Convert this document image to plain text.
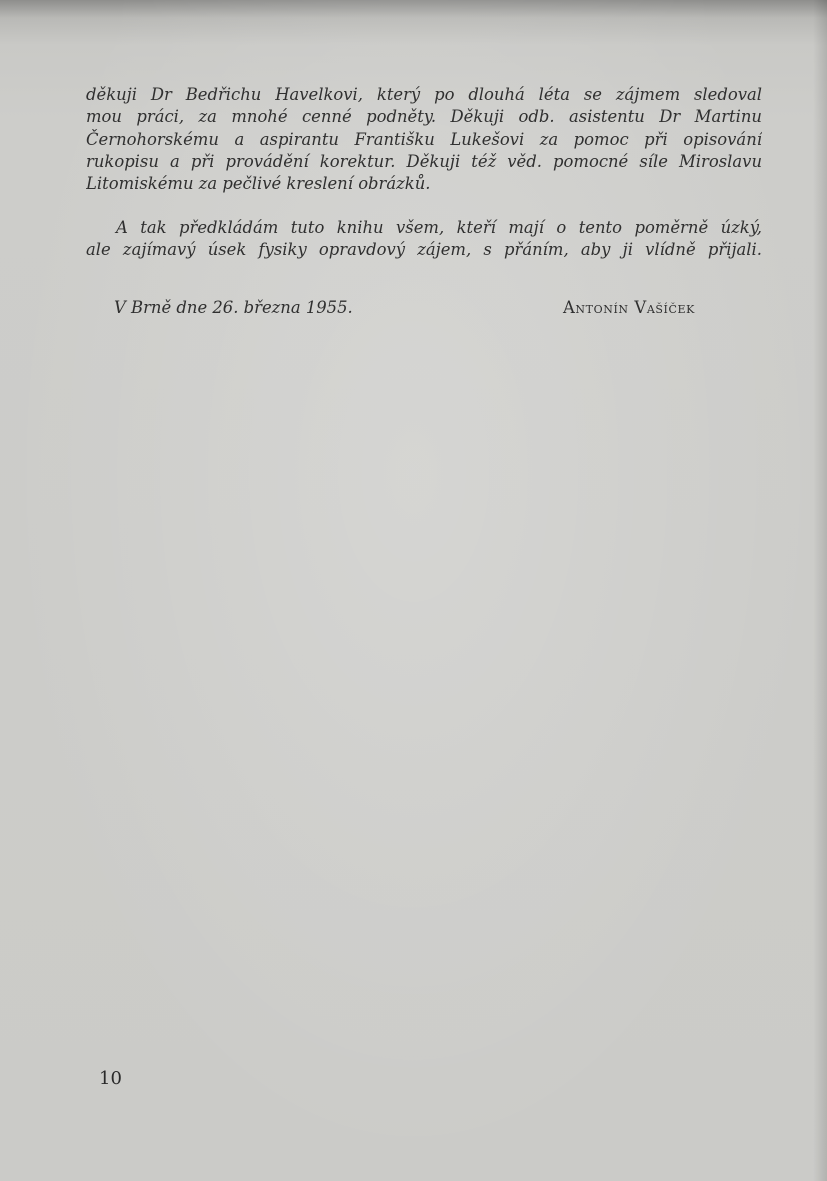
děkuji Dr Bedřichu Havelkovi, který po dlouhá léta se zájmem sledoval
mou práci, za mnohé cenné podněty. Děkuji odb. asistentu Dr Martinu
Černohorskému a aspirantu Františku Lukešovi za pomoc při opisování
rukopisu a při provádění korektur. Děkuji též věd. pomocné síle Miroslavu
Litomiskému za pečlivé kreslení obrázků.
A tak předkládám tuto knihu všem, kteří mají o tento poměrně úzký,
ale zajímavý úsek fysiky opravdový zájem, s přáním, aby ji vlídně přijali.
V Brně dne 26. března 1955.	Antonín Vašíček
10
